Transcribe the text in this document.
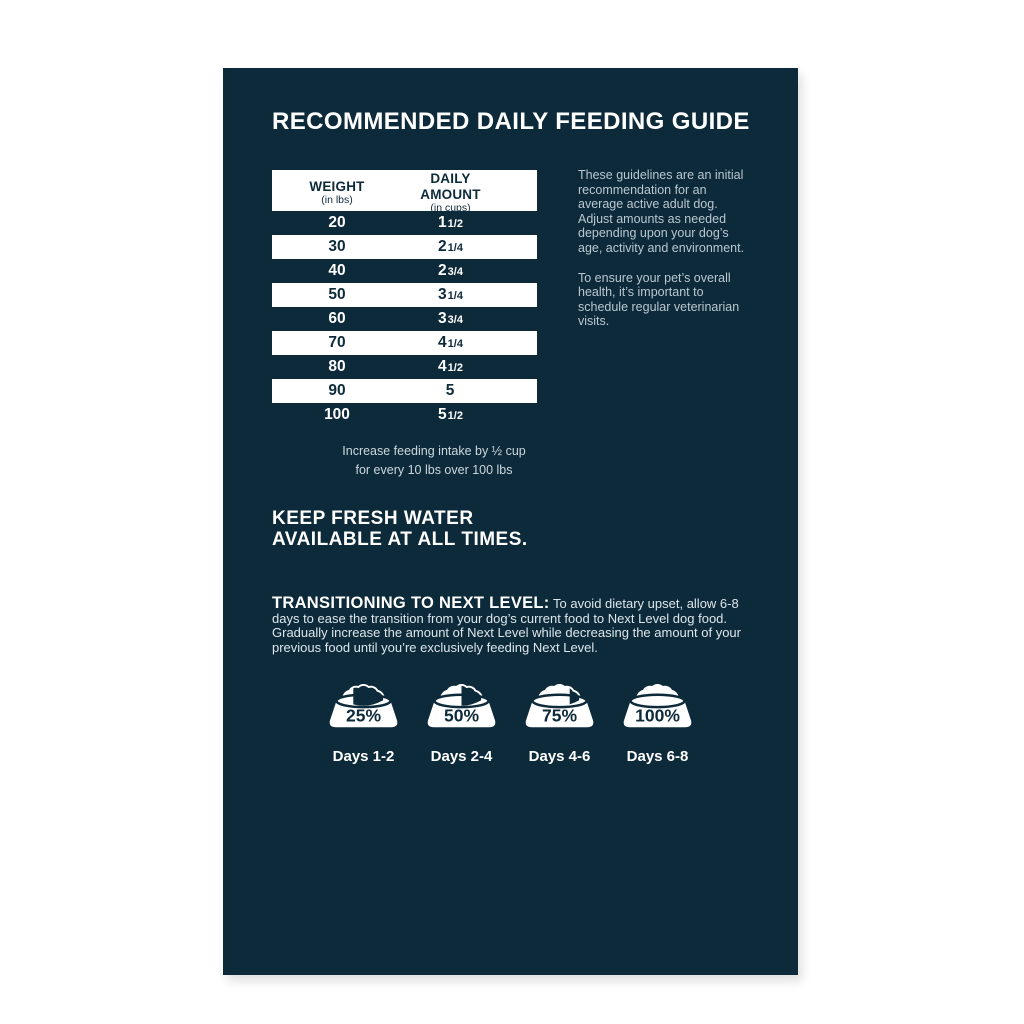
RECOMMENDED DAILY FEEDING GUIDE
WEIGHT
(in lbs)
DAILY AMOUNT
(in cups)
20	11/2
30	21/4
40	23/4
50	31/4
60	33/4
70	41/4
80	41/2
90	5
100	51/2

These guidelines are an initial recommendation for an average active adult dog. Adjust amounts as needed depending upon your dog’s age, activity and environment.

To ensure your pet’s overall health, it’s important to schedule regular veterinarian visits.

Increase feeding intake by ½ cup
for every 10 lbs over 100 lbs
KEEP FRESH WATER
AVAILABLE AT ALL TIMES.
TRANSITIONING TO NEXT LEVEL: To avoid dietary upset, allow 6-8 days to ease the transition from your dog’s current food to Next Level dog food. Gradually increase the amount of Next Level while decreasing the amount of your previous food until you’re exclusively feeding Next Level.
25%
Days 1-2
50%
Days 2-4
75%
Days 4-6
100%
Days 6-8
